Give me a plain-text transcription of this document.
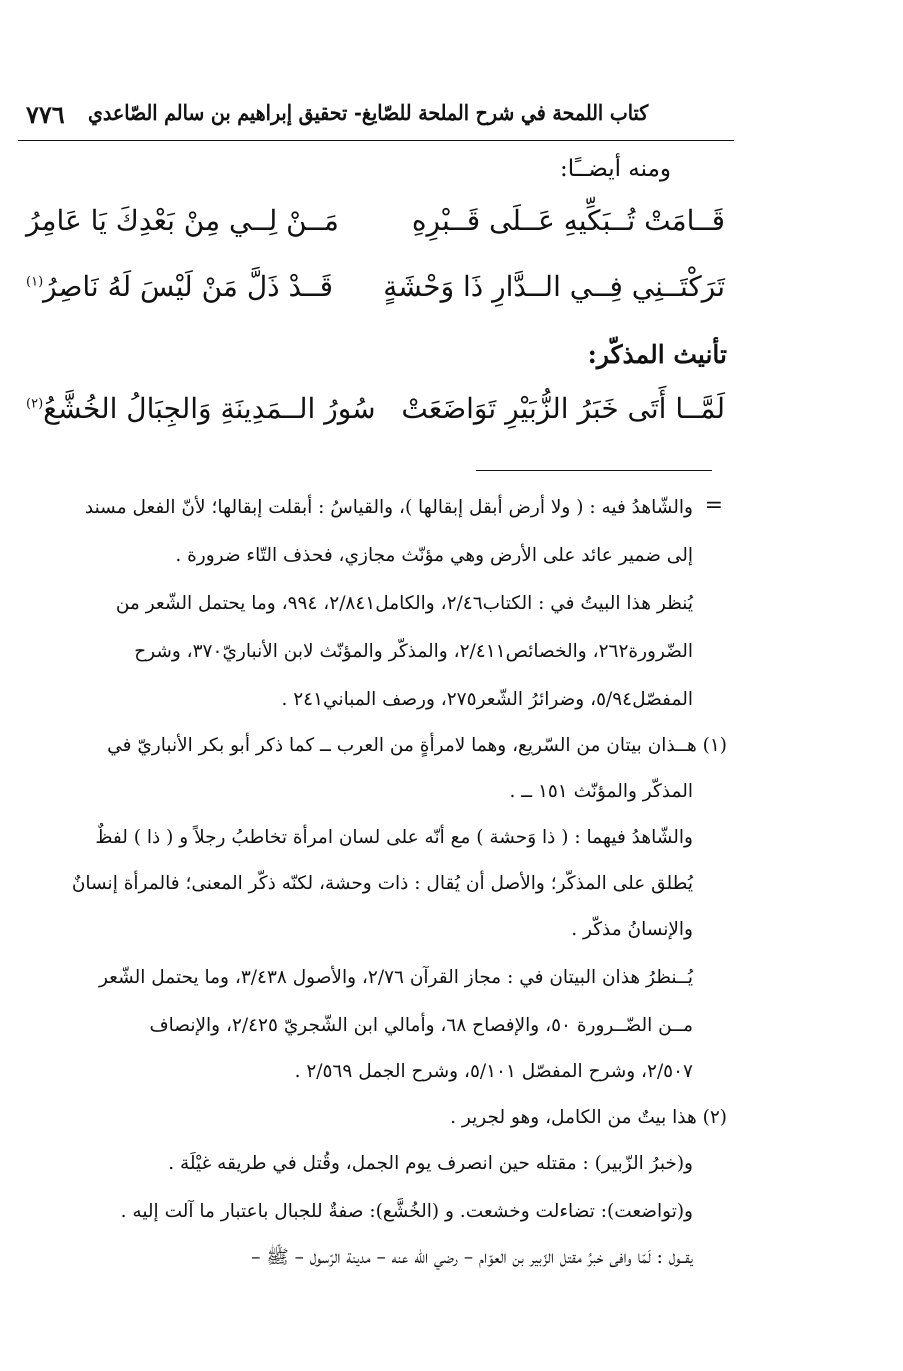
كتاب اللمحة في شرح الملحة للصّايغ- تحقيق إبراهيم بن سالم الصّاعدي
٧٧٦
ومنه أيضــًا:
قَــامَتْ تُــبَكِّيهِ عَــلَى قَــبْرِهِ
مَــنْ لِــي مِنْ بَعْدِكَ يَا عَامِرُ
تَرَكْتَــنِي فِــي الــدَّارِ ذَا وَحْشَةٍ
قَــدْ ذَلَّ مَنْ لَيْسَ لَهُ نَاصِرُ$^{(١)}$
تأنيث المذكّر:
لَمَّــا أَتَى خَبَرُ الزُّبَيْرِ تَوَاضَعَتْ
سُورُ الــمَدِينَةِ وَالجِبَالُ الخُشَّعُ$^{(٢)}$
=
والشّاهدُ فيه : ( ولا أرض أبقل إبقالها )، والقياسُ : أبقلت إبقالها؛ لأنّ الفعل مسند
إلى ضمير عائد على الأرض وهي مؤنّث مجازي، فحذف التّاء ضرورة .
يُنظر هذا البيتُ في : الكتاب٢/٤٦، والكامل٢/٨٤١، ٩٩٤، وما يحتمل الشّعر من
الضّرورة٢٦٢، والخصائص٢/٤١١، والمذكّر والمؤنّث لابن الأنباريّ٣٧٠، وشرح
المفصّل٥/٩٤، وضرائرُ الشّعر٢٧٥، ورصف المباني٢٤١ .
(١) هــذان بيتان من السّريع، وهما لامرأةٍ من العرب ــ كما ذكر أبو بكر الأنباريّ في
المذكّر والمؤنّث ١٥١ ــ .
والشّاهدُ فيهما : ( ذا وَحشة ) مع أنّه على لسان امرأة تخاطبُ رجلاً و ( ذا ) لفظٌ
يُطلق على المذكّر؛ والأصل أن يُقال : ذات وحشة، لكنّه ذكّر المعنى؛ فالمرأة إنسانٌ
والإنسانُ مذكّر .
يُــنظرُ هذان البيتان في : مجاز القرآن ٢/٧٦، والأصول ٣/٤٣٨، وما يحتمل الشّعر
مــن الضّــرورة ٥٠، والإفصاح ٦٨، وأمالي ابن الشّجريّ ٢/٤٢٥، والإنصاف
٢/٥٠٧، وشرح المفصّل ٥/١٠١، وشرح الجمل ٢/٥٦٩ .
(٢) هذا بيتٌ من الكامل، وهو لجرير .
و(خبرُ الزّبير) : مقتله حين انصرف يوم الجمل، وقُتل في طريقه غيْلَة .
و(تواضعت): تضاءلت وخشعت. و (الخُشَّع): صفةٌ للجبال باعتبار ما آلت إليه .
يقــول : لَمّا وافى خبرُ مقتل الزّبير بن العوّام – رضي الله عنه – مدينة الرّسول – ﷺ –
